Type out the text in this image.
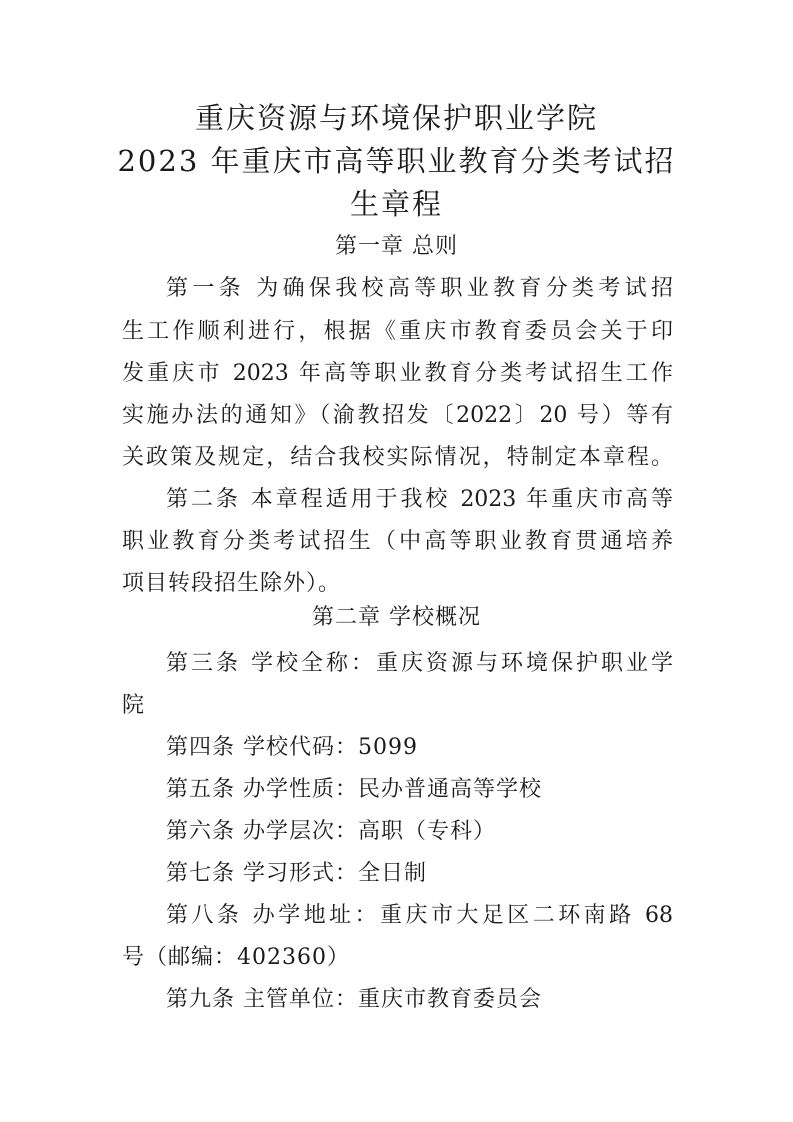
重庆资源与环境保护职业学院
2023 年重庆市高等职业教育分类考试招
生章程
第一章 总则
第一条 为确保我校高等职业教育分类考试招
生工作顺利进行，根据《重庆市教育委员会关于印
发重庆市 2023 年高等职业教育分类考试招生工作
实施办法的通知》（渝教招发〔2022〕20 号）等有
关政策及规定，结合我校实际情况，特制定本章程。
第二条 本章程适用于我校 2023 年重庆市高等
职业教育分类考试招生（中高等职业教育贯通培养
项目转段招生除外）。
第二章 学校概况
第三条 学校全称：重庆资源与环境保护职业学
院
第四条 学校代码：5099
第五条 办学性质：民办普通高等学校
第六条 办学层次：高职（专科）
第七条 学习形式：全日制
第八条 办学地址：重庆市大足区二环南路 68
号（邮编：402360）
第九条 主管单位：重庆市教育委员会
